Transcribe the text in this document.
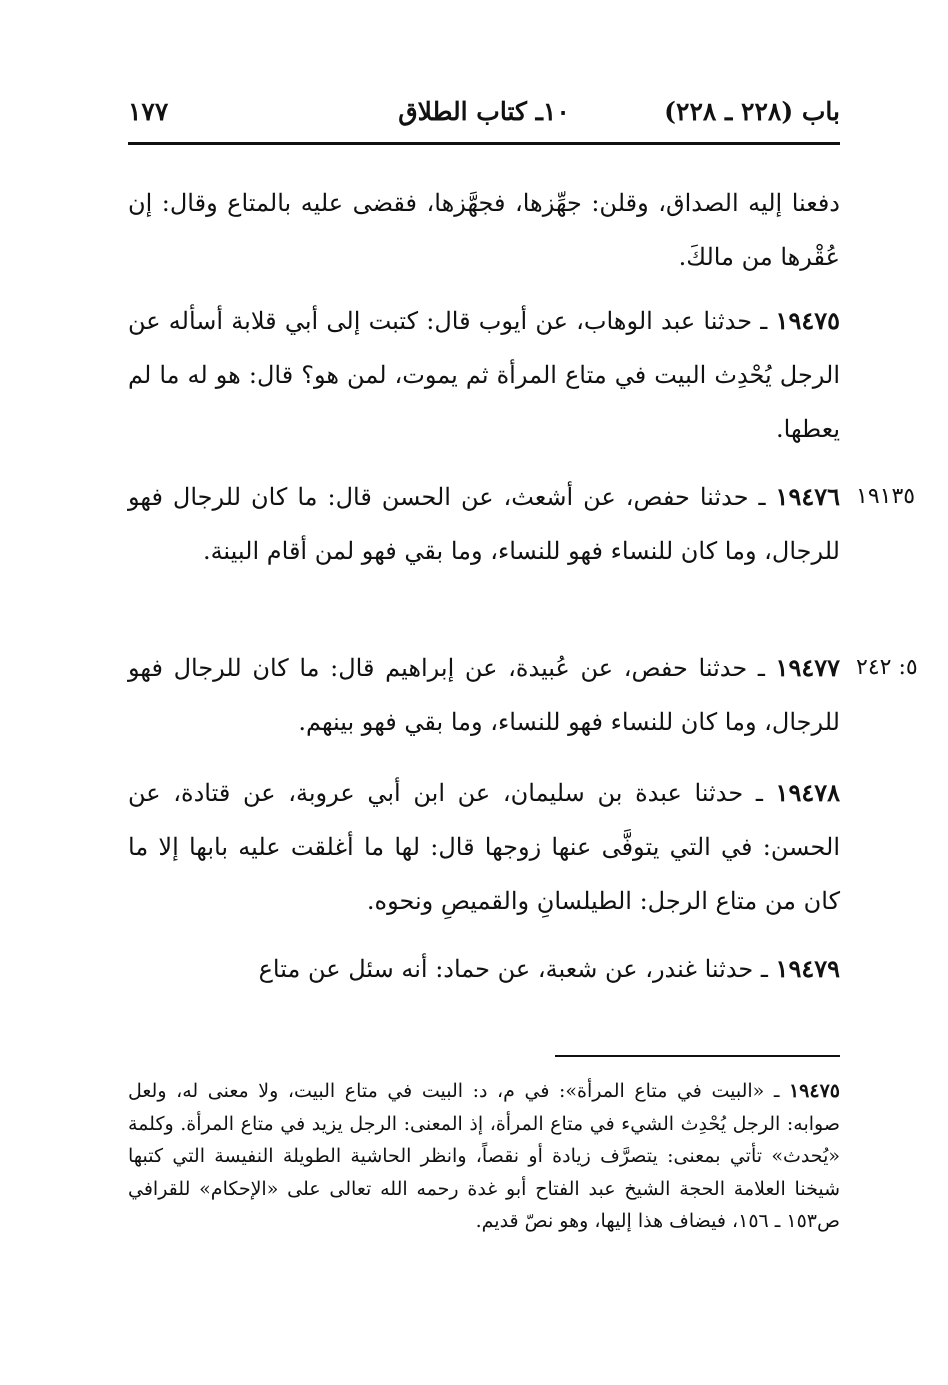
باب (٢٢٨ ـ ٢٢٨)
١٠ـ كتاب الطلاق
١٧٧
دفعنا إليه الصداق، وقلن: جهِّزها، فجهَّزها، فقضى عليه بالمتاع وقال: إن عُقْرها من مالكَ.
١٩٤٧٥ ـ حدثنا عبد الوهاب، عن أيوب قال: كتبت إلى أبي قلابة أسأله عن الرجل يُحْدِث البيت في متاع المرأة ثم يموت، لمن هو؟ قال: هو له ما لم يعطها.
١٩١٣٥
١٩٤٧٦ ـ حدثنا حفص، عن أشعث، عن الحسن قال: ما كان للرجال فهو للرجال، وما كان للنساء فهو للنساء، وما بقي فهو لمن أقام البينة.
٥: ٢٤٢
١٩٤٧٧ ـ حدثنا حفص، عن عُبيدة، عن إبراهيم قال: ما كان للرجال فهو للرجال، وما كان للنساء فهو للنساء، وما بقي فهو بينهم.
١٩٤٧٨ ـ حدثنا عبدة بن سليمان، عن ابن أبي عروبة، عن قتادة، عن الحسن: في التي يتوفَّى عنها زوجها قال: لها ما أغلقت عليه بابها إلا ما كان من متاع الرجل: الطيلسانِ والقميصِ ونحوه.
١٩٤٧٩ ـ حدثنا غندر، عن شعبة، عن حماد: أنه سئل عن متاع
١٩٤٧٥ ـ «البيت في متاع المرأة»: في م، د: البيت في متاع البيت، ولا معنى له، ولعل صوابه: الرجل يُحْدِث الشيء في متاع المرأة، إذ المعنى: الرجل يزيد في متاع المرأة. وكلمة «يُحدث» تأتي بمعنى: يتصرَّف زيادة أو نقصاً، وانظر الحاشية الطويلة النفيسة التي كتبها شيخنا العلامة الحجة الشيخ عبد الفتاح أبو غدة رحمه الله تعالى على «الإحكام» للقرافي ص١٥٣ ـ ١٥٦، فيضاف هذا إليها، وهو نصّ قديم.
